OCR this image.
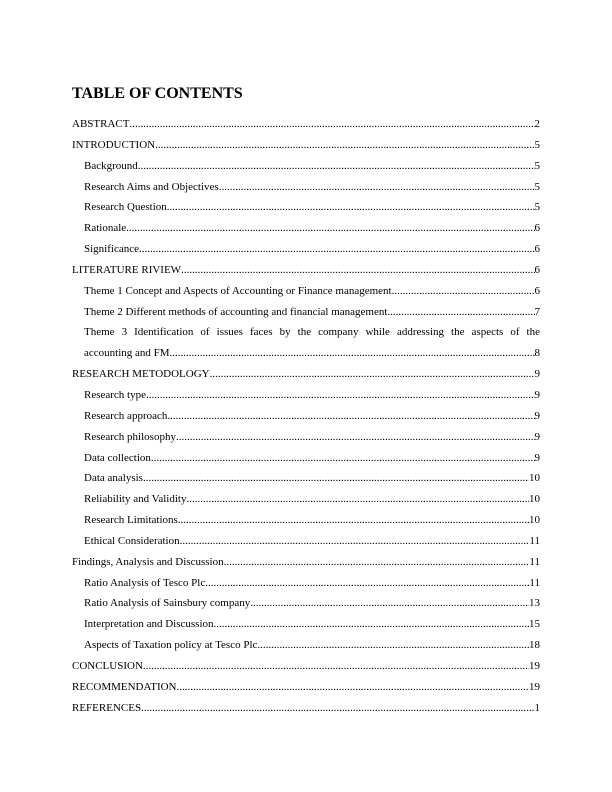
TABLE OF CONTENTS
ABSTRACT .....	2
INTRODUCTION .....	5
Background .....	5
Research Aims and Objectives .....	5
Research Question .....	5
Rationale .....	6
Significance .....	6
LITERATURE RIVIEW .....	6
Theme 1 Concept and Aspects of Accounting or Finance management .....	6
Theme 2 Different methods of accounting and financial management .....	7
Theme 3 Identification of issues faces by the company while addressing the aspects of the
accounting and FM .....	8
RESEARCH METODOLOGY .....	9
Research type .....	9
Research approach .....	9
Research philosophy .....	9
Data collection .....	9
Data analysis .....	10
Reliability and Validity .....	10
Research Limitations .....	10
Ethical Consideration .....	11
Findings, Analysis and Discussion .....	11
Ratio Analysis of Tesco Plc .....	11
Ratio Analysis of Sainsbury company .....	13
Interpretation and Discussion .....	15
Aspects of Taxation policy at Tesco Plc .....	18
CONCLUSION .....	19
RECOMMENDATION .....	19
REFERENCES .....	1
